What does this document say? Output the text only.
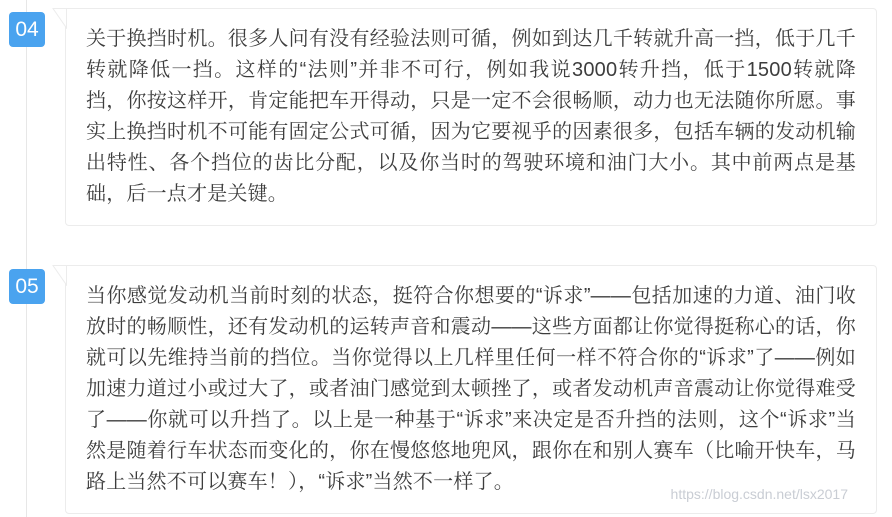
04	关于换挡时机。很多人问有没有经验法则可循，例如到达几千转就升高一挡，低于几千转就降低一挡。这样的“法则”并非不可行，例如我说3000转升挡，低于1500转就降挡，你按这样开，肯定能把车开得动，只是一定不会很畅顺，动力也无法随你所愿。事实上换挡时机不可能有固定公式可循，因为它要视乎的因素很多，包括车辆的发动机输出特性、各个挡位的齿比分配，以及你当时的驾驶环境和油门大小。其中前两点是基础，后一点才是关键。

05	当你感觉发动机当前时刻的状态，挺符合你想要的“诉求”——包括加速的力道、油门收放时的畅顺性，还有发动机的运转声音和震动——这些方面都让你觉得挺称心的话，你就可以先维持当前的挡位。当你觉得以上几样里任何一样不符合你的“诉求”了——例如加速力道过小或过大了，或者油门感觉到太顿挫了，或者发动机声音震动让你觉得难受了——你就可以升挡了。以上是一种基于“诉求”来决定是否升挡的法则，这个“诉求”当然是随着行车状态而变化的，你在慢悠悠地兜风，跟你在和别人赛车（比喻开快车，马路上当然不可以赛车！），“诉求”当然不一样了。

https://blog.csdn.net/lsx2017
